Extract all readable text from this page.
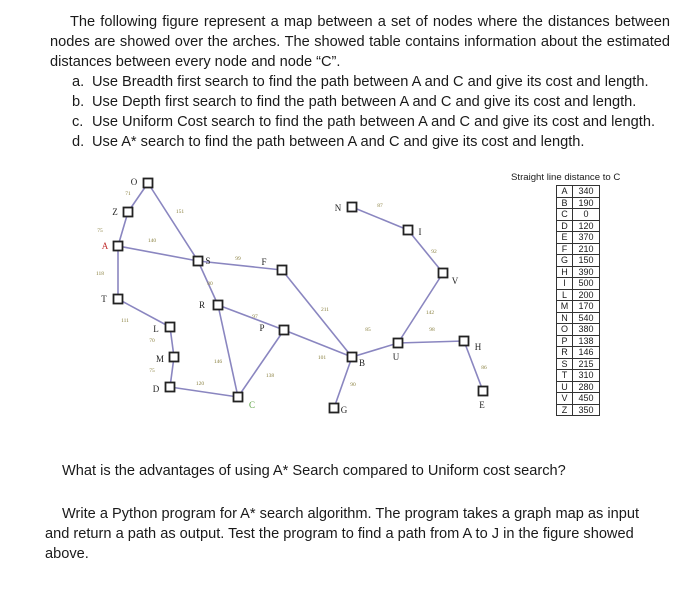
The following figure represent a map between a set of nodes where the distances between nodes are showed over the arches. The showed table contains information about the estimated distances between every node and node “C”.

a. Use Breadth first search to find the path between A and C and give its cost and length.
b. Use Depth first search to find the path between A and C and give its cost and length.
c. Use Uniform Cost search to find the path between A and C and give its cost and length.
d. Use A* search to find the path between A and C and give its cost and length.
71
151
75
140
118
111
70
75
120
99
80
97
146
138
211
101
90
85
87
92
142
98
86
O
Z
A
T
L
M
D
S
R
F
P
C
N
I
V
B
U
H
G	E
Straight line distance to C
A	340
B	190
C	0
D	120
E	370
F	210
G	150
H	390
I	500
L	200
M	170
N	540
O	380
P	138
R	146
S	215
T	310
U	280
V	450
Z	350
What is the advantages of using A* Search compared to Uniform cost search?

Write a Python program for A* search algorithm. The program takes a graph map as input and return a path as output. Test the program to find a path from A to J in the figure showed above.
